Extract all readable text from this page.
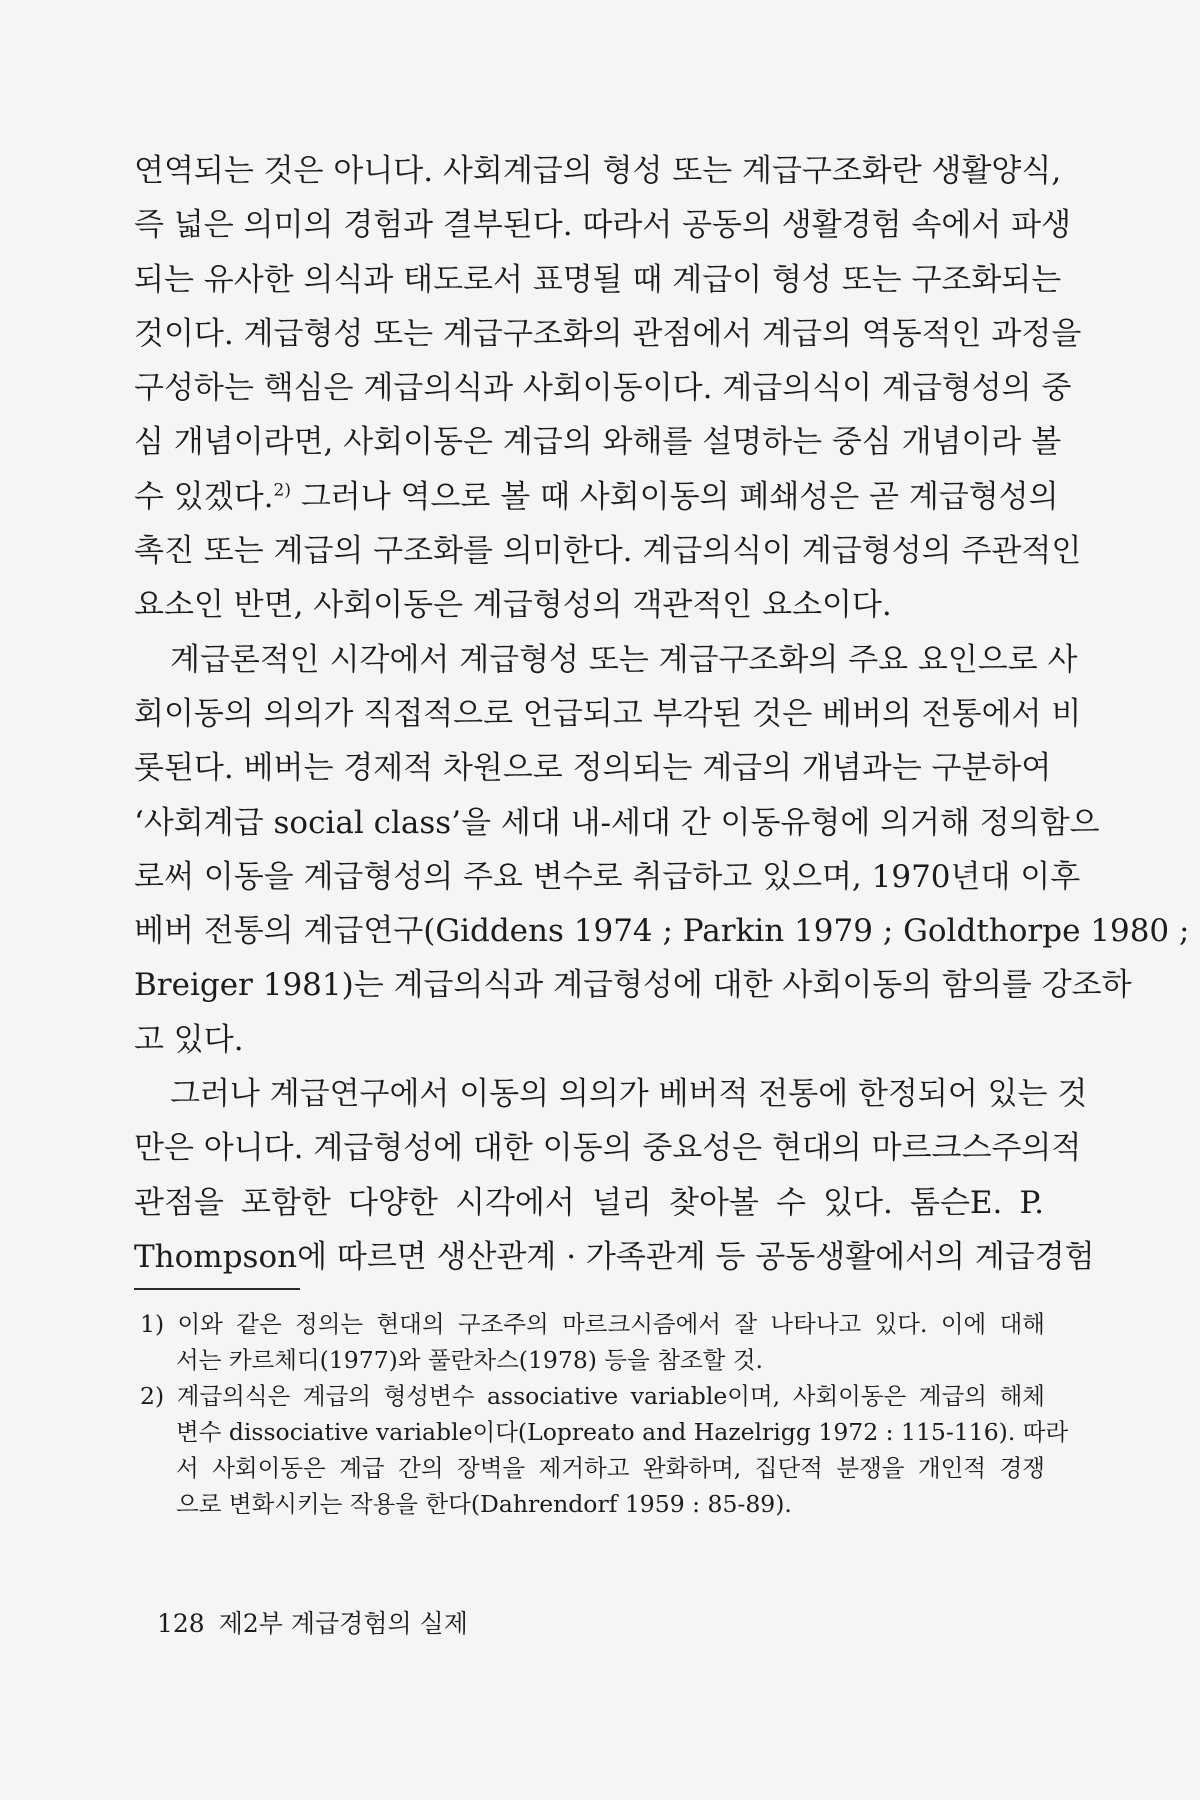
연역되는 것은 아니다. 사회계급의 형성 또는 계급구조화란 생활양식,
즉 넓은 의미의 경험과 결부된다. 따라서 공동의 생활경험 속에서 파생
되는 유사한 의식과 태도로서 표명될 때 계급이 형성 또는 구조화되는
것이다. 계급형성 또는 계급구조화의 관점에서 계급의 역동적인 과정을
구성하는 핵심은 계급의식과 사회이동이다. 계급의식이 계급형성의 중
심 개념이라면, 사회이동은 계급의 와해를 설명하는 중심 개념이라 볼
수 있겠다.$^{2)}$ 그러나 역으로 볼 때 사회이동의 폐쇄성은 곧 계급형성의
촉진 또는 계급의 구조화를 의미한다. 계급의식이 계급형성의 주관적인
요소인 반면, 사회이동은 계급형성의 객관적인 요소이다.
계급론적인 시각에서 계급형성 또는 계급구조화의 주요 요인으로 사
회이동의 의의가 직접적으로 언급되고 부각된 것은 베버의 전통에서 비
롯된다. 베버는 경제적 차원으로 정의되는 계급의 개념과는 구분하여
‘사회계급 social class’을 세대 내-세대 간 이동유형에 의거해 정의함으
로써 이동을 계급형성의 주요 변수로 취급하고 있으며, 1970년대 이후
베버 전통의 계급연구(Giddens 1974 ; Parkin 1979 ; Goldthorpe 1980 ;
Breiger 1981)는 계급의식과 계급형성에 대한 사회이동의 함의를 강조하
고 있다.
그러나 계급연구에서 이동의 의의가 베버적 전통에 한정되어 있는 것
만은 아니다. 계급형성에 대한 이동의 중요성은 현대의 마르크스주의적
관점을 포함한 다양한 시각에서 널리 찾아볼 수 있다. 톰슨E. P.
Thompson에 따르면 생산관계 · 가족관계 등 공동생활에서의 계급경험
1) 이와 같은 정의는 현대의 구조주의 마르크시즘에서 잘 나타나고 있다. 이에 대해
서는 카르체디(1977)와 풀란차스(1978) 등을 참조할 것.
2) 계급의식은 계급의 형성변수 associative variable이며, 사회이동은 계급의 해체
변수 dissociative variable이다(Lopreato and Hazelrigg 1972 : 115-116). 따라
서 사회이동은 계급 간의 장벽을 제거하고 완화하며, 집단적 분쟁을 개인적 경쟁
으로 변화시키는 작용을 한다(Dahrendorf 1959 : 85-89).
128 제2부 계급경험의 실제
